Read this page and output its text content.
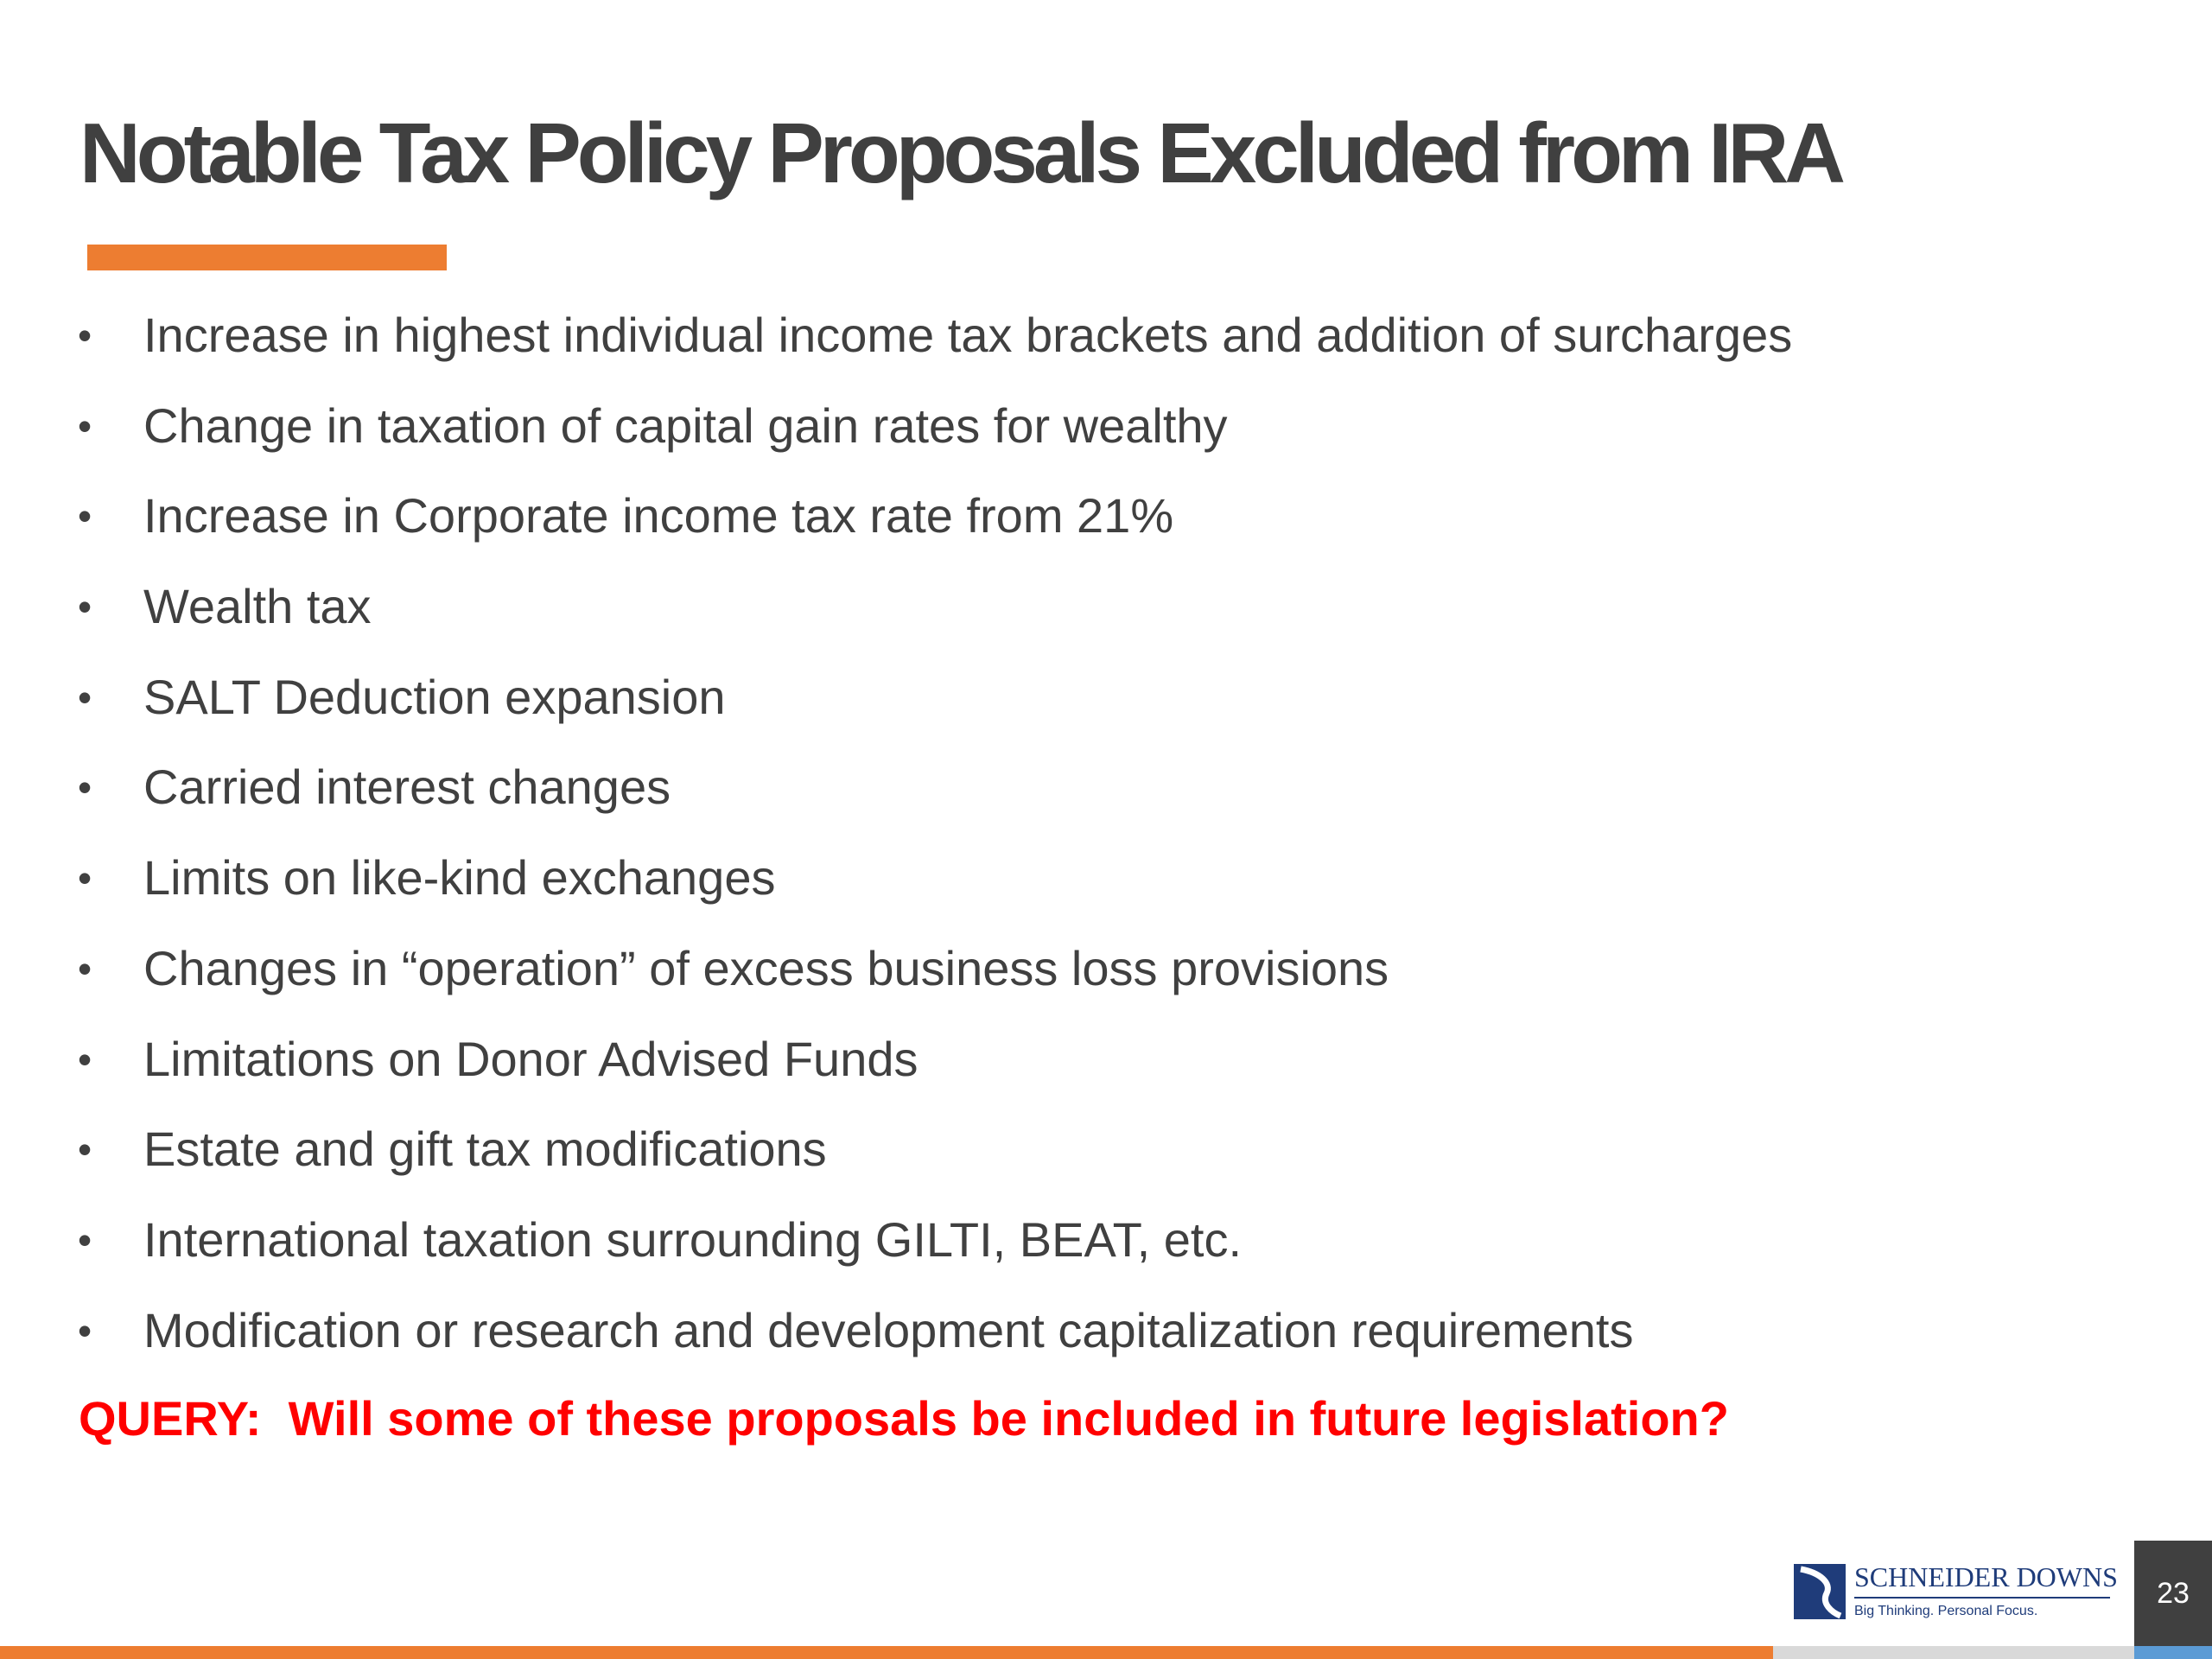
Notable Tax Policy Proposals Excluded from IRA
• Increase in highest individual income tax brackets and addition of surcharges
• Change in taxation of capital gain rates for wealthy
• Increase in Corporate income tax rate from 21%
• Wealth tax
• SALT Deduction expansion
• Carried interest changes
• Limits on like-kind exchanges
• Changes in “operation” of excess business loss provisions
• Limitations on Donor Advised Funds
• Estate and gift tax modifications
• International taxation surrounding GILTI, BEAT, etc.
• Modification or research and development capitalization requirements

QUERY:  Will some of these proposals be included in future legislation?

SCHNEIDER DOWNS
Big Thinking. Personal Focus.
23
